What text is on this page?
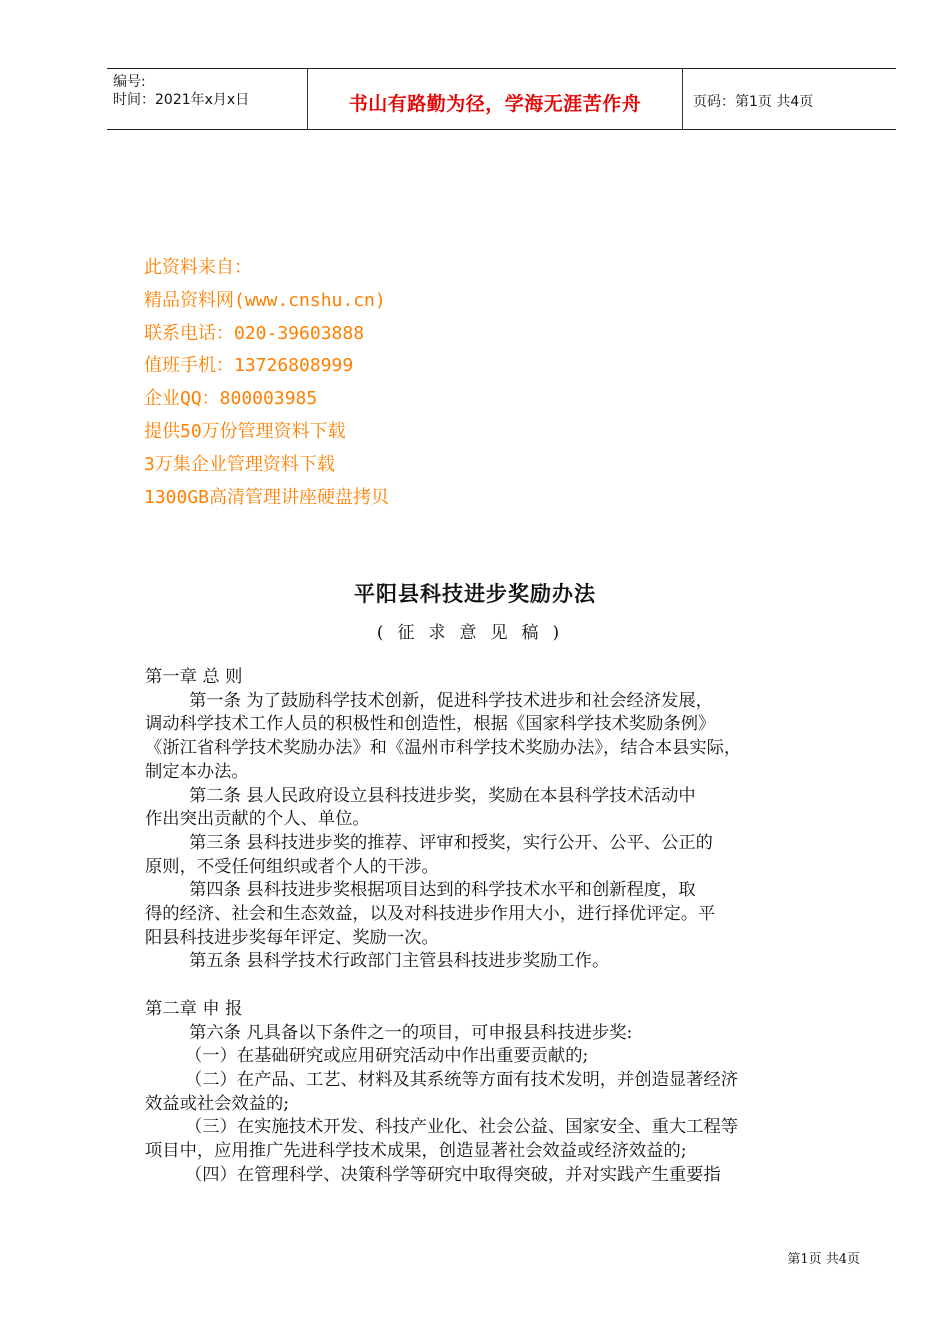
编号:
时间：2021年x月x日	书山有路勤为径，学海无涯苦作舟	页码：第1页 共4页
此资料来自：
精品资料网(www.cnshu.cn)
联系电话：020-39603888
值班手机：13726808999
企业QQ：800003985
提供50万份管理资料下载
3万集企业管理资料下载
1300GB高清管理讲座硬盘拷贝
平阳县科技进步奖励办法
(征求意见稿)
第一章 总 则
第一条 为了鼓励科学技术创新，促进科学技术进步和社会经济发展，
调动科学技术工作人员的积极性和创造性，根据《国家科学技术奖励条例》
《浙江省科学技术奖励办法》和《温州市科学技术奖励办法》，结合本县实际，
制定本办法。
第二条 县人民政府设立县科技进步奖，奖励在本县科学技术活动中
作出突出贡献的个人、单位。
第三条 县科技进步奖的推荐、评审和授奖，实行公开、公平、公正的
原则，不受任何组织或者个人的干涉。
第四条 县科技进步奖根据项目达到的科学技术水平和创新程度，取
得的经济、社会和生态效益，以及对科技进步作用大小，进行择优评定。平
阳县科技进步奖每年评定、奖励一次。
第五条 县科学技术行政部门主管县科技进步奖励工作。
第二章 申 报
第六条 凡具备以下条件之一的项目，可申报县科技进步奖:
（一）在基础研究或应用研究活动中作出重要贡献的;
（二）在产品、工艺、材料及其系统等方面有技术发明，并创造显著经济
效益或社会效益的;
（三）在实施技术开发、科技产业化、社会公益、国家安全、重大工程等
项目中，应用推广先进科学技术成果，创造显著社会效益或经济效益的;
（四）在管理科学、决策科学等研究中取得突破，并对实践产生重要指
第1页 共4页
